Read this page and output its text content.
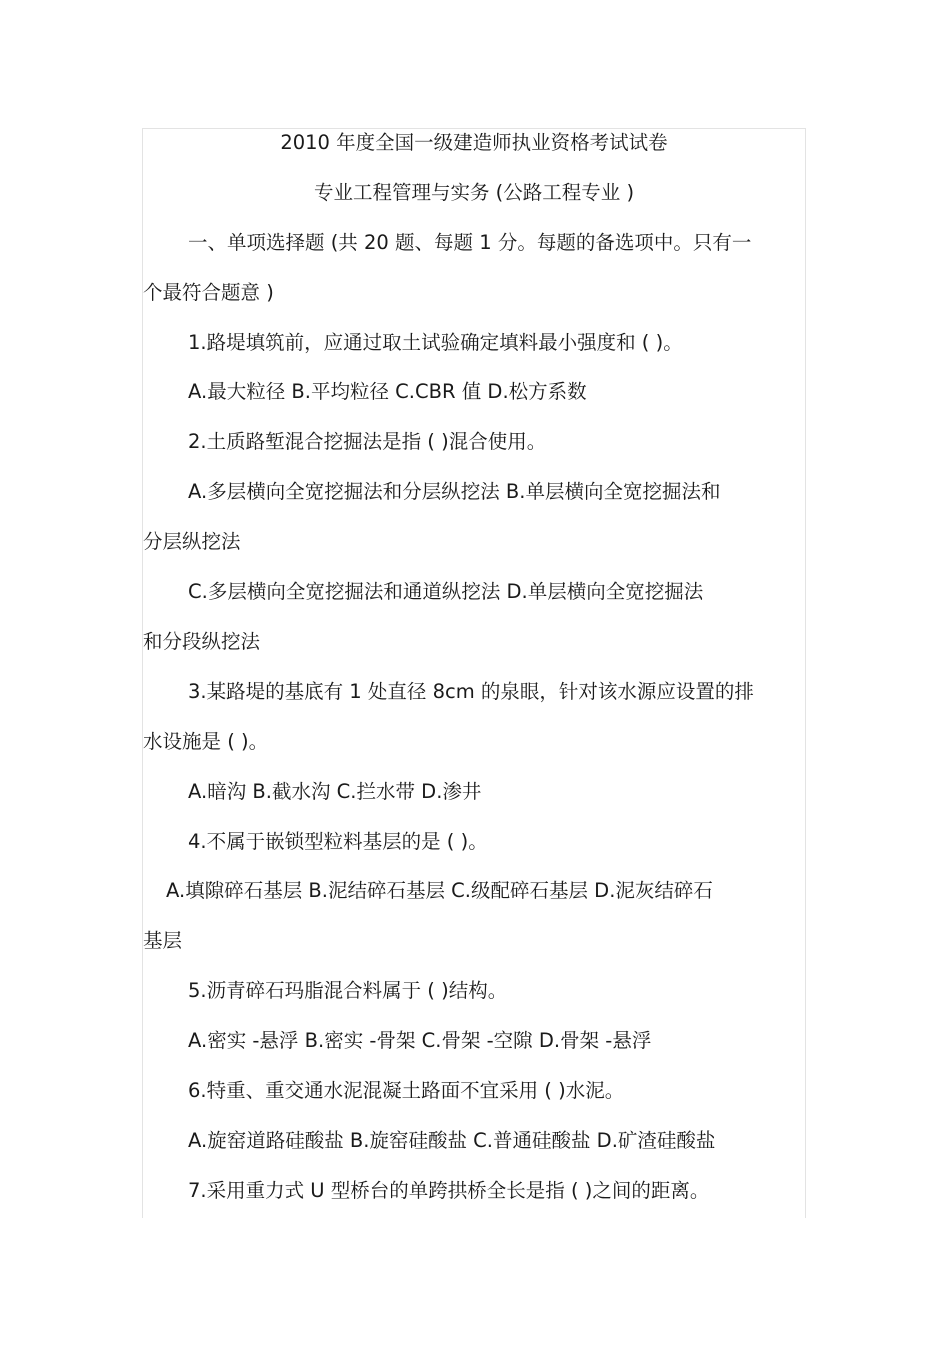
2010 年度全国一级建造师执业资格考试试卷
专业工程管理与实务 (公路工程专业 )
一、单项选择题 (共 20 题、每题 1 分。每题的备选项中。只有一
个最符合题意 )
1.路堤填筑前，应通过取土试验确定填料最小强度和 ( )。
A.最大粒径 B.平均粒径 C.CBR 值 D.松方系数
2.土质路堑混合挖掘法是指 ( )混合使用。
A.多层横向全宽挖掘法和分层纵挖法 B.单层横向全宽挖掘法和
分层纵挖法
C.多层横向全宽挖掘法和通道纵挖法 D.单层横向全宽挖掘法
和分段纵挖法
3.某路堤的基底有 1 处直径 8cm 的泉眼，针对该水源应设置的排
水设施是 ( )。
A.暗沟 B.截水沟 C.拦水带 D.渗井
4.不属于嵌锁型粒料基层的是 ( )。
A.填隙碎石基层 B.泥结碎石基层 C.级配碎石基层 D.泥灰结碎石
基层
5.沥青碎石玛脂混合料属于 ( )结构。
A.密实 -悬浮 B.密实 -骨架 C.骨架 -空隙 D.骨架 -悬浮
6.特重、重交通水泥混凝土路面不宜采用 ( )水泥。
A.旋窑道路硅酸盐 B.旋窑硅酸盐 C.普通硅酸盐 D.矿渣硅酸盐
7.采用重力式 U 型桥台的单跨拱桥全长是指 ( )之间的距离。
